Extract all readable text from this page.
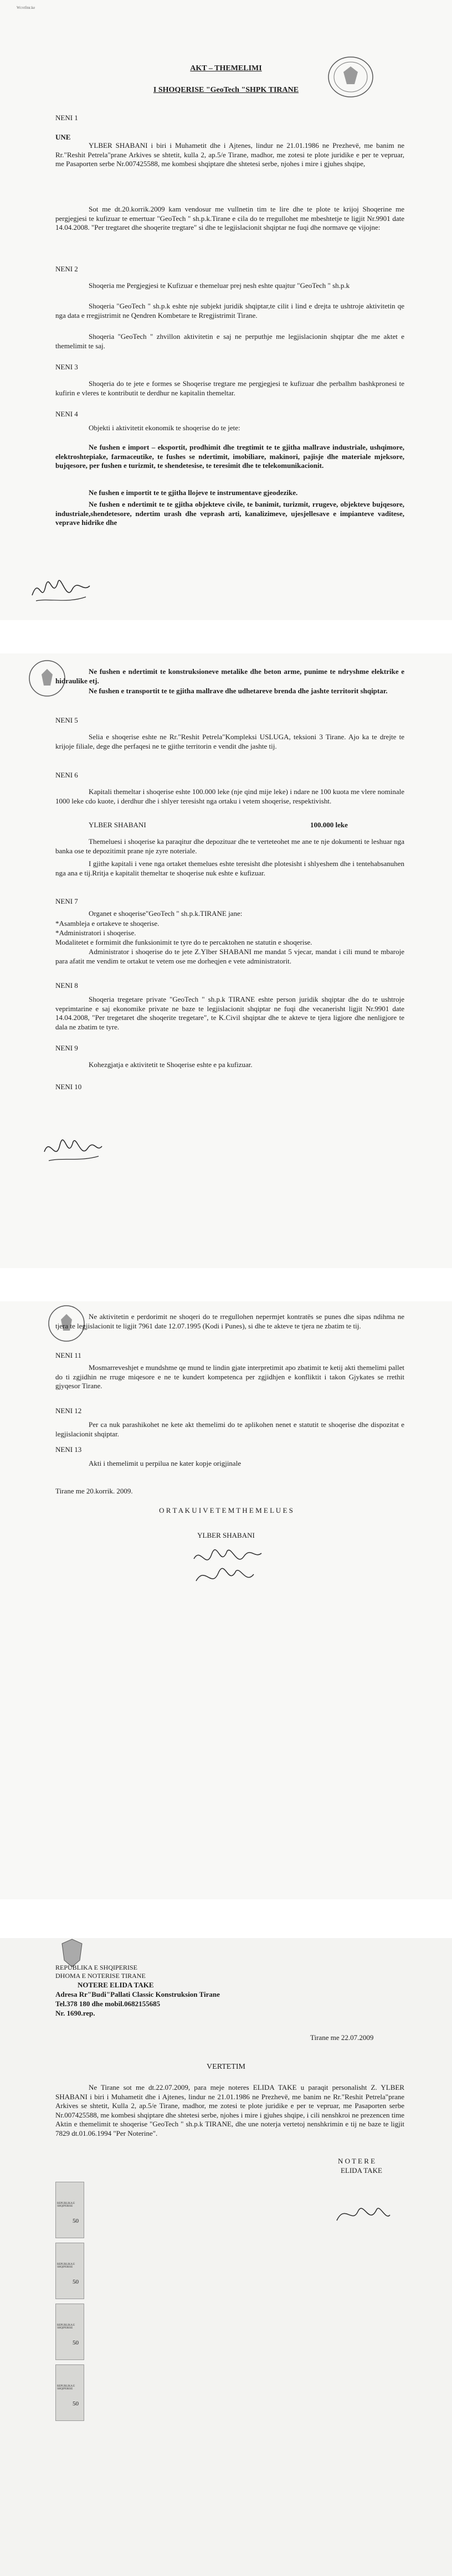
Wcvtfmr.ke
AKT – THEMELIMI
I SHOQERISE "GeoTech "SHPK TIRANE
NENI 1
UNE
YLBER SHABANI i biri i Muhametit dhe i Ajtenes, lindur ne 21.01.1986 ne Prezhevë, me banim ne Rr."Reshit Petrela"prane Arkives se shtetit, kulla 2, ap.5/e Tirane, madhor, me zotesi te plote juridike e per te vepruar, me Pasaporten serbe Nr.007425588, me kombesi shqiptare dhe shtetesi serbe, njohes i mire i gjuhes shqipe,
Sot me dt.20.korrik.2009 kam vendosur me vullnetin tim te lire dhe te plote te krijoj Shoqerine me pergjegjesi te kufizuar te emertuar "GeoTech " sh.p.k.Tirane e cila do te rregullohet me mbeshtetje te ligjit Nr.9901 date 14.04.2008. "Per tregtaret dhe shoqerite tregtare" si dhe te legjislacionit shqiptar ne fuqi dhe normave qe vijojne:
NENI 2
Shoqeria me Pergjegjesi te Kufizuar e themeluar prej nesh eshte quajtur "GeoTech " sh.p.k
Shoqeria "GeoTech " sh.p.k eshte nje subjekt juridik shqiptar,te cilit i lind e drejta te ushtroje aktivitetin qe nga data e rregjistrimit ne Qendren Kombetare te Rregjistrimit Tirane.
Shoqeria "GeoTech " zhvillon aktivitetin e saj ne perputhje me legjislacionin shqiptar dhe me aktet e themelimit te saj.
NENI 3
Shoqeria do te jete e formes se Shoqerise tregtare me pergjegjesi te kufizuar dhe perbalhm bashkpronesi te kufirin e vleres te kontributit te derdhur ne kapitalin themeltar.
NENI 4
Objekti i aktivitetit ekonomik te shoqerise do te jete:
Ne fushen e import – eksportit, prodhimit dhe tregtimit te te gjitha mallrave industriale, ushqimore, elektroshtepiake, farmaceutike, te fushes se ndertimit, imobiliare, makinori, pajisje dhe materiale mjeksore, bujqesore, per fushen e turizmit, te shendetesise, te teresimit dhe te telekomunikacionit.
Ne fushen e importit te te gjitha llojeve te instrumentave gjeodezike.
Ne fushen e ndertimit te te gjitha objekteve civile, te banimit, turizmit, rrugeve, objekteve bujqesore, industriale,shendetesore, ndertim urash dhe veprash arti, kanalizimeve, ujesjellesave e impianteve vaditese, veprave hidrike dhe
Ne fushen e ndertimit te konstruksioneve metalike dhe beton arme, punime te ndryshme elektrike e hidraulike etj.
Ne fushen e transportit te te gjitha mallrave dhe udhetareve brenda dhe jashte territorit shqiptar.
NENI 5
Selia e shoqerise eshte ne Rr."Reshit Petrela"Kompleksi USLUGA, teksioni 3 Tirane. Ajo ka te drejte te krijoje filiale, dege dhe perfaqesi ne te gjithe territorin e vendit dhe jashte tij.
NENI 6
Kapitali themeltar i shoqerise eshte 100.000 leke (nje qind mije leke) i ndare ne 100 kuota me vlere nominale 1000 leke cdo kuote, i derdhur dhe i shlyer teresisht nga ortaku i vetem shoqerise, respektivisht.
YLBER SHABANI	100.000 leke
Themeluesi i shoqerise ka paraqitur dhe depozituar dhe te verteteohet me ane te nje dokumenti te leshuar nga banka ose te depozitimit prane nje zyre noteriale.
I gjithe kapitali i vene nga ortaket themelues eshte teresisht dhe plotesisht i shlyeshem dhe i tentehabsanuhen nga ana e tij.Rritja e kapitalit themeltar te shoqerise nuk eshte e kufizuar.
NENI 7
Organet e shoqerise"GeoTech " sh.p.k.TIRANE jane:
*Asambleja e ortakeve te shoqerise.
*Administratori i shoqerise.
Modalitetet e formimit dhe funksionimit te tyre do te percaktohen ne statutin e shoqerise.
Administrator i shoqerise do te jete Z.Ylber SHABANI me mandat 5 vjecar, mandat i cili mund te mbaroje para afatit me vendim te ortakut te vetem ose me dorheqjen e vete administratorit.
NENI 8
Shoqeria tregetare private "GeoTech " sh.p.k TIRANE eshte person juridik shqiptar dhe do te ushtroje veprimtarine e saj ekonomike private ne baze te legjislacionit shqiptar ne fuqi dhe vecanerisht ligjit Nr.9901 date 14.04.2008, "Per tregetaret dhe shoqerite tregetare", te K.Civil shqiptar dhe te akteve te tjera ligjore dhe nenligjore te dala ne zbatim te tyre.
NENI 9
Kohezgjatja e aktivitetit te Shoqerise eshte e pa kufizuar.
NENI 10
Ne aktivitetin e perdorimit ne shoqeri do te rregullohen nepermjet kontratës se punes dhe sipas ndihma ne tjera te legjislacionit te ligjit 7961 date 12.07.1995 (Kodi i Punes), si dhe te akteve te tjera ne zbatim te tij.
NENI 11
Mosmarreveshjet e mundshme qe mund te lindin gjate interpretimit apo zbatimit te ketij akti themelimi pallet do ti zgjidhin ne rruge miqesore e ne te kundert kompetenca per zgjidhjen e konfliktit i takon Gjykates se rrethit gjyqesor Tirane.
NENI 12
Per ca nuk parashikohet ne kete akt themelimi do te aplikohen nenet e statutit te shoqerise dhe dispozitat e legjislacionit shqiptar.
NENI 13
Akti i themelimit u perpilua ne kater kopje origjinale
Tirane me 20.korrik. 2009.
O R T A K U I V E T E M T H E M E L U E S
YLBER SHABANI
REPUBLIKA E SHQIPERISE
DHOMA E NOTERISE TIRANE
NOTERE ELIDA TAKE
Adresa Rr"Budi"Pallati Classic Konstruksion Tirane
Tel.378 180 dhe mobil.0682155685
Nr. 1690.rep.
Tirane me 22.07.2009
VERTETIM
Ne Tirane sot me dt.22.07.2009, para meje noteres ELIDA TAKE u paraqit personalisht Z. YLBER SHABANI i biri i Muhametit dhe i Ajtenes, lindur ne 21.01.1986 ne Prezhevë, me banim ne Rr."Reshit Petrela"prane Arkives se shtetit, Kulla 2, ap.5/e Tirane, madhor, me zotesi te plote juridike e per te vepruar, me Pasaporten serbe Nr.007425588, me kombesi shqiptare dhe shtetesi serbe, njohes i mire i gjuhes shqipe, i cili nenshkroi ne prezencen time Aktin e themelimit te shoqerise "GeoTech " sh.p.k TIRANE, dhe une noterja vertetoj nenshkrimin e tij ne baze te ligjit 7829 dt.01.06.1994 "Per Noterine".
N O T E R E
ELIDA TAKE
REPUBLIKA E SHQIPERISE
50
REPUBLIKA E SHQIPERISE
50
REPUBLIKA E SHQIPERISE
50
REPUBLIKA E SHQIPERISE
50
